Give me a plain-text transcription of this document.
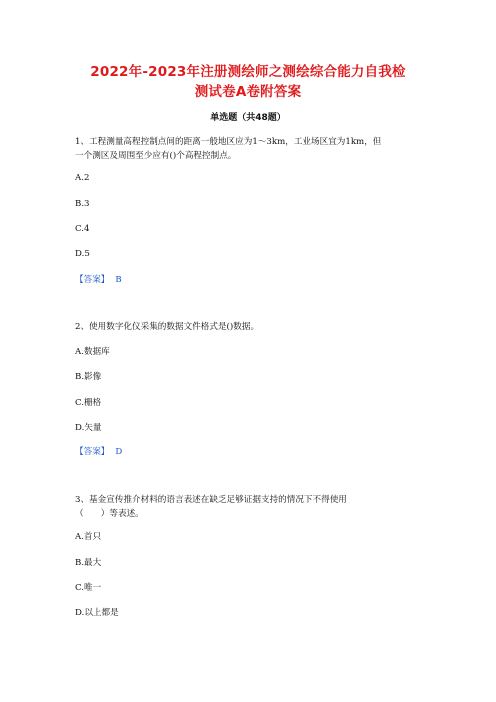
2022年-2023年注册测绘师之测绘综合能力自我检
测试卷A卷附答案
单选题（共48题）
1、工程测量高程控制点间的距离一般地区应为1～3km，工业场区宜为1km，但
一个测区及周围至少应有()个高程控制点。
A.2
B.3
C.4
D.5
【答案】 B
2、使用数字化仪采集的数据文件格式是()数据。
A.数据库
B.影像
C.栅格
D.矢量
【答案】 D
3、基金宣传推介材料的语言表述在缺乏足够证据支持的情况下不得使用
（　　）等表述。
A.首只
B.最大
C.唯一
D.以上都是
